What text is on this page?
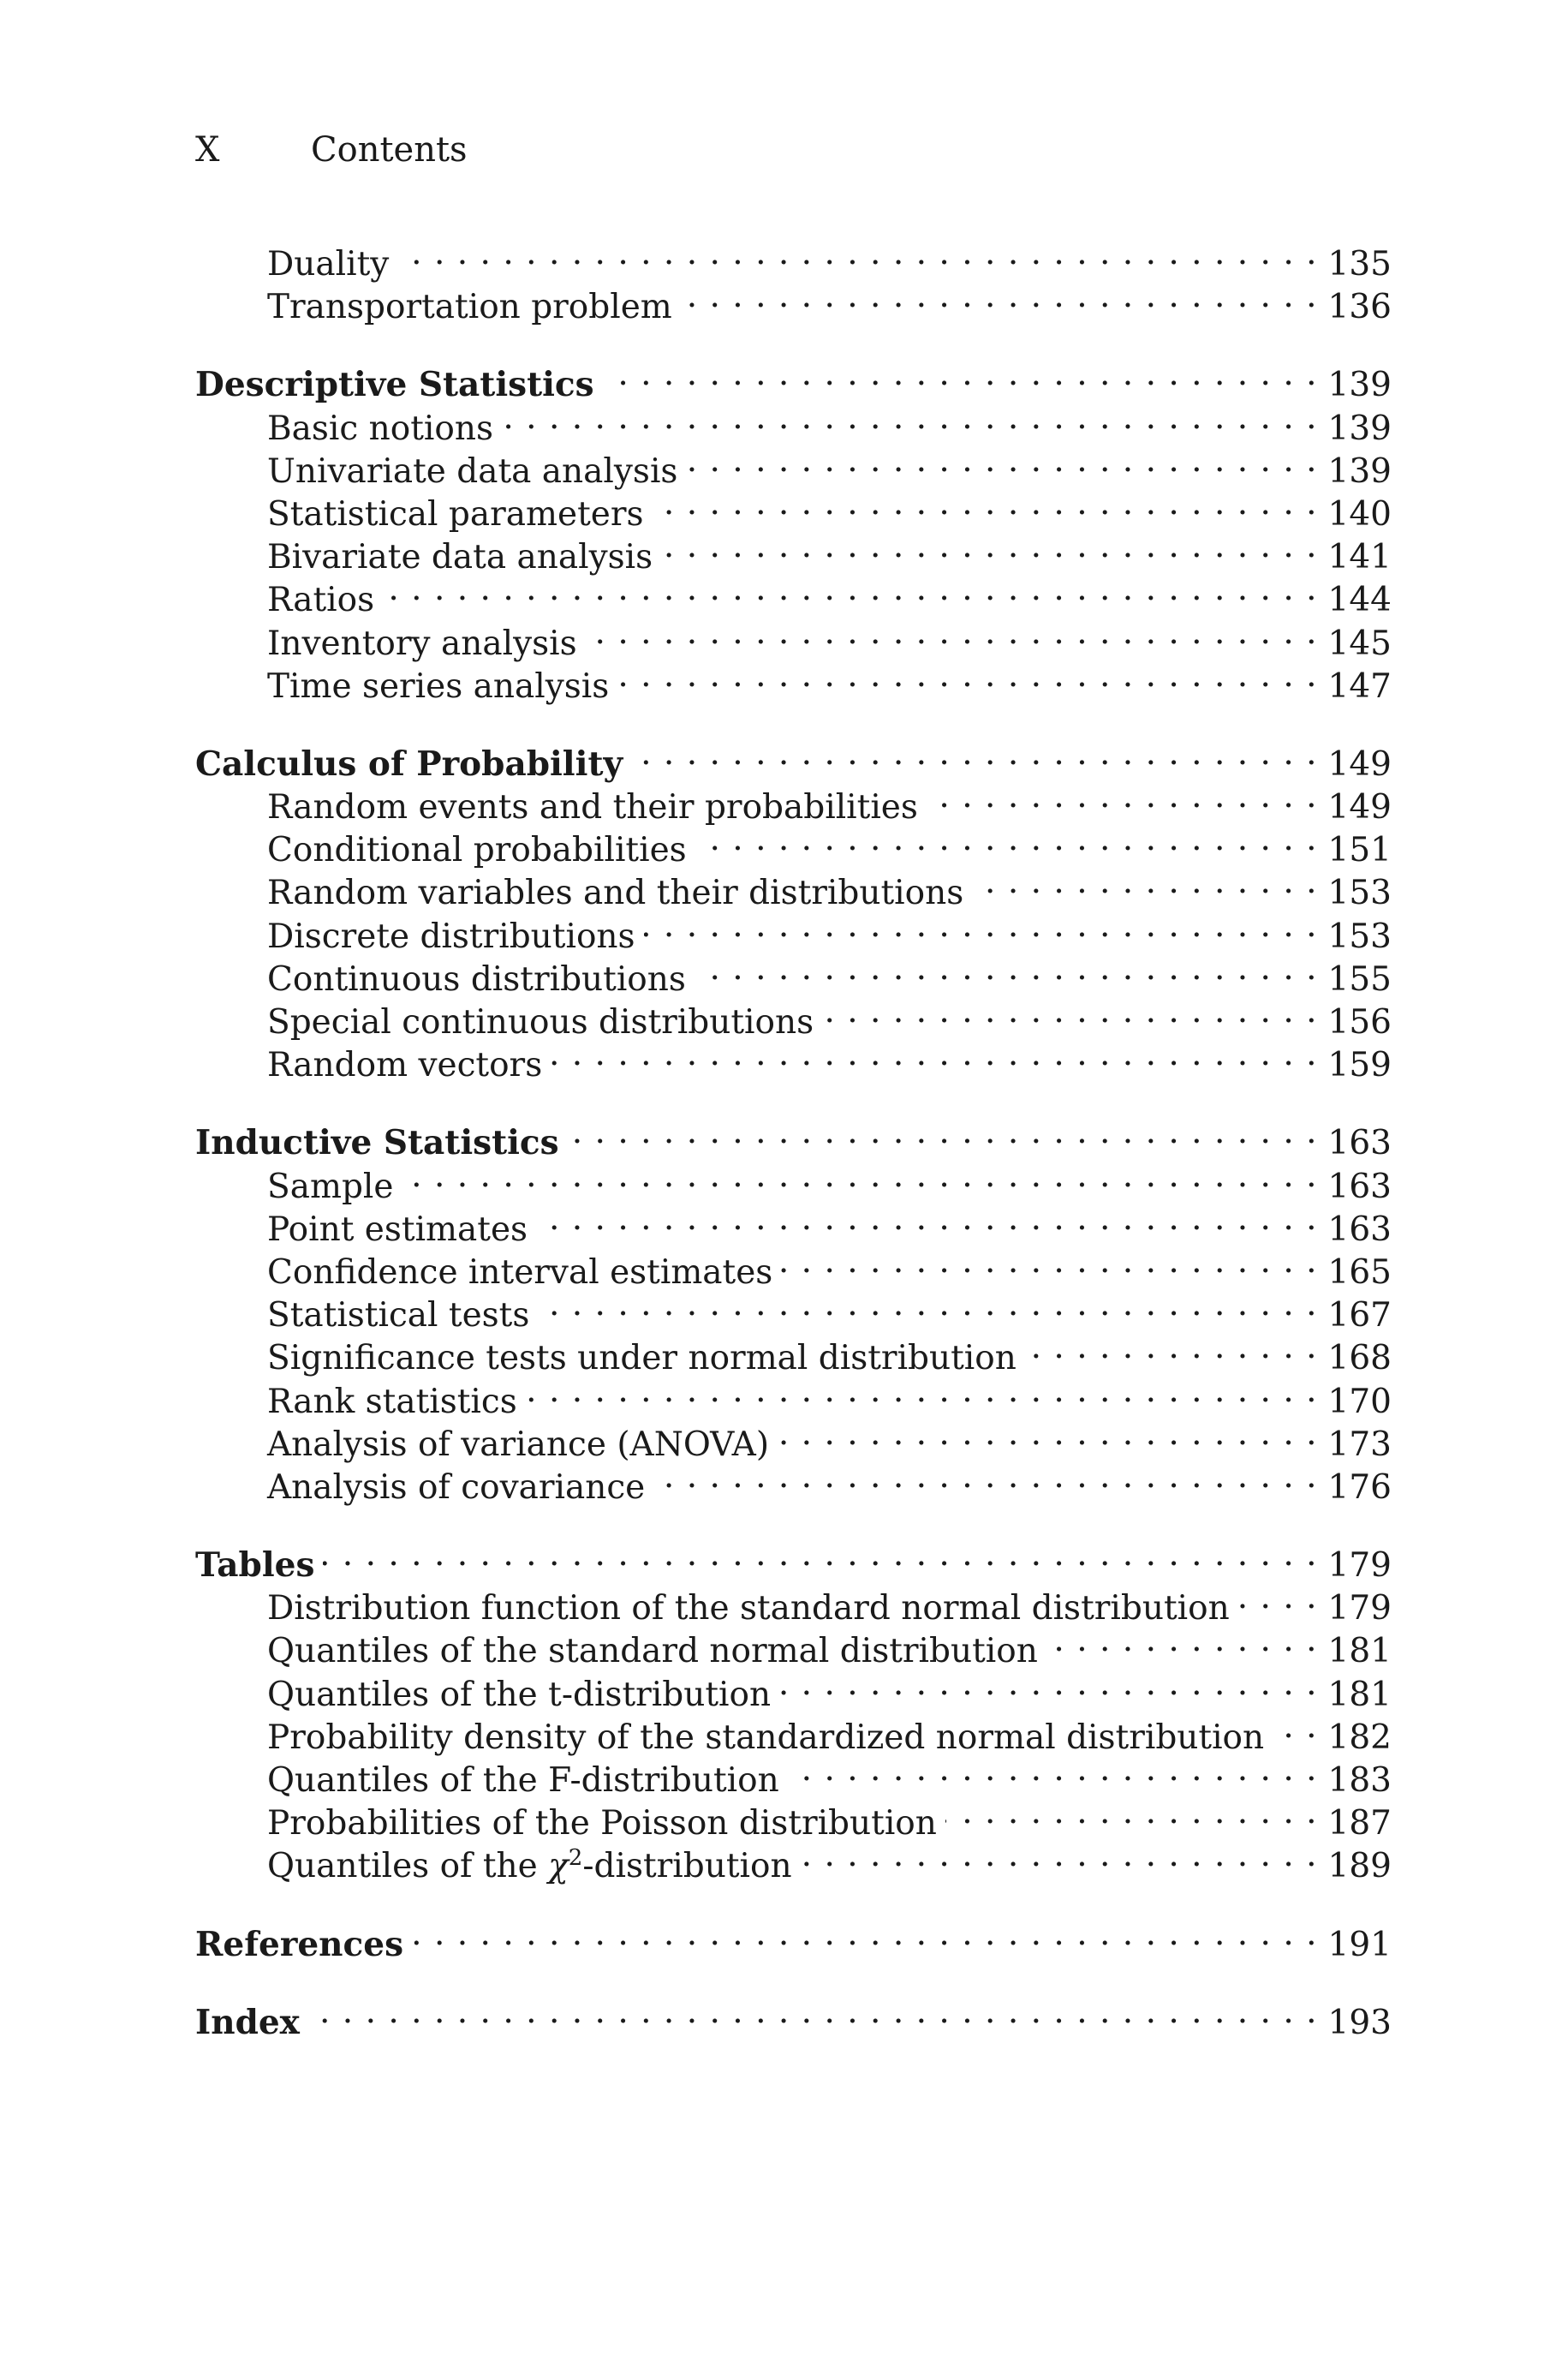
X	Contents
Duality . . .	135
Transportation problem . . .	136
Descriptive Statistics . . .	139
Basic notions . . .	139
Univariate data analysis . . .	139
Statistical parameters . . .	140
Bivariate data analysis . . .	141
Ratios . . .	144
Inventory analysis . . .	145
Time series analysis . . .	147
Calculus of Probability . . .	149
Random events and their probabilities . . .	149
Conditional probabilities . . .	151
Random variables and their distributions . . .	153
Discrete distributions . . .	153
Continuous distributions . . .	155
Special continuous distributions . . .	156
Random vectors . . .	159
Inductive Statistics . . .	163
Sample . . .	163
Point estimates . . .	163
Confidence interval estimates . . .	165
Statistical tests . . .	167
Significance tests under normal distribution . . .	168
Rank statistics . . .	170
Analysis of variance (ANOVA) . . .	173
Analysis of covariance . . .	176
Tables . . .	179
Distribution function of the standard normal distribution . . .	179
Quantiles of the standard normal distribution . . .	181
Quantiles of the t-distribution . . .	181
Probability density of the standardized normal distribution . . .	182
Quantiles of the F-distribution . . .	183
Probabilities of the Poisson distribution . . .	187
Quantiles of the $\chi^2$-distribution . . .	189
References . . .	191
Index . . .	193
